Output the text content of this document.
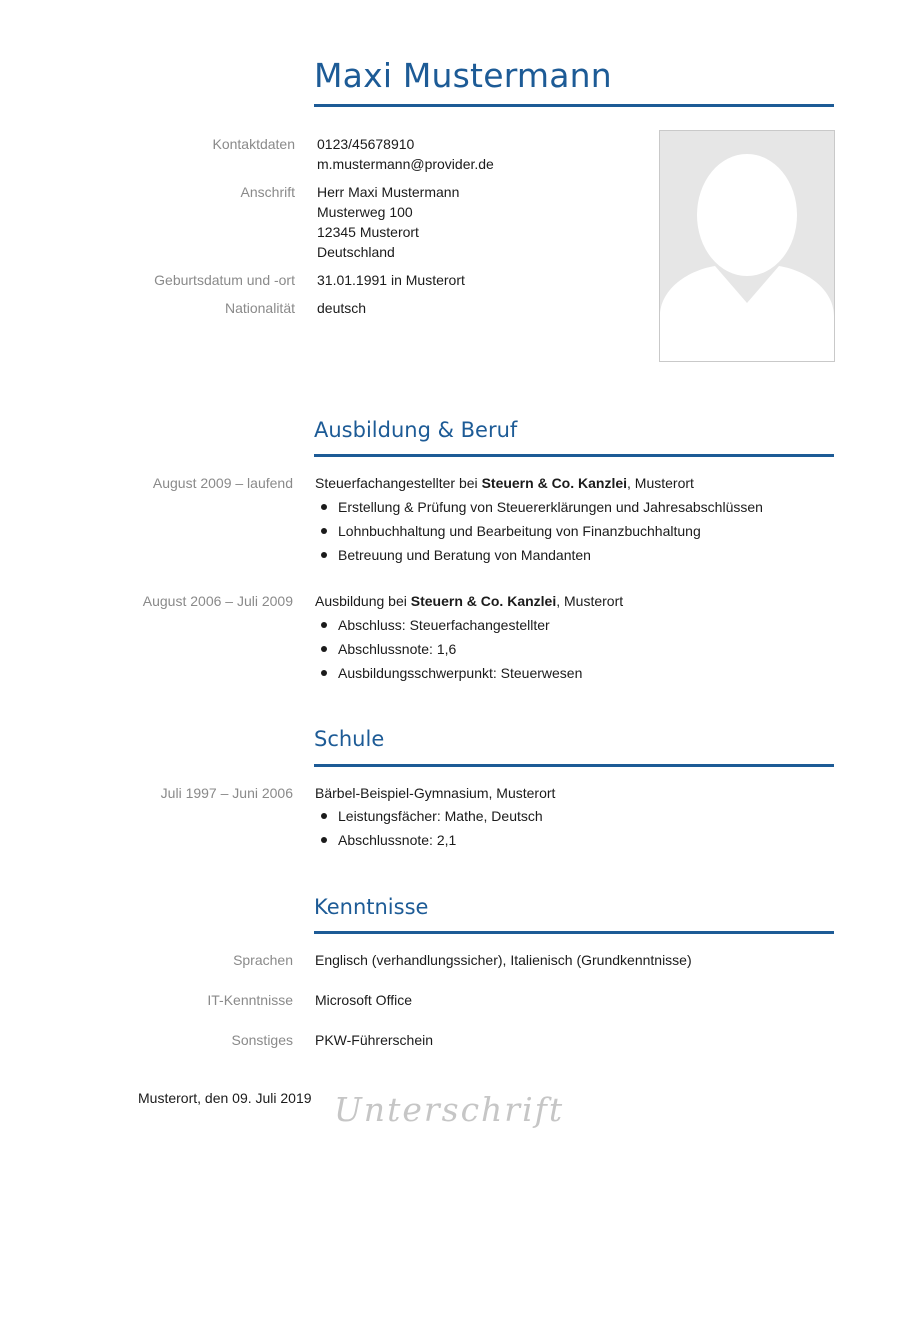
Maxi Mustermann
Kontaktdaten 0123/45678910
m.mustermann@provider.de
Anschrift Herr Maxi Mustermann
Musterweg 100
12345 Musterort
Deutschland
Geburtsdatum und -ort 31.01.1991 in Musterort
Nationalität deutsch
Ausbildung & Beruf
August 2009 – laufend Steuerfachangestellter bei Steuern & Co. Kanzlei, Musterort
Erstellung & Prüfung von Steuererklärungen und Jahresabschlüssen
Lohnbuchhaltung und Bearbeitung von Finanzbuchhaltung
Betreuung und Beratung von Mandanten
August 2006 – Juli 2009 Ausbildung bei Steuern & Co. Kanzlei, Musterort
Abschluss: Steuerfachangestellter
Abschlussnote: 1,6
Ausbildungsschwerpunkt: Steuerwesen
Schule
Juli 1997 – Juni 2006 Bärbel-Beispiel-Gymnasium, Musterort
Leistungsfächer: Mathe, Deutsch
Abschlussnote: 2,1
Kenntnisse
Sprachen Englisch (verhandlungssicher), Italienisch (Grundkenntnisse)
IT-Kenntnisse Microsoft Office
Sonstiges PKW-Führerschein
Musterort, den 09. Juli 2019 Unterschrift
